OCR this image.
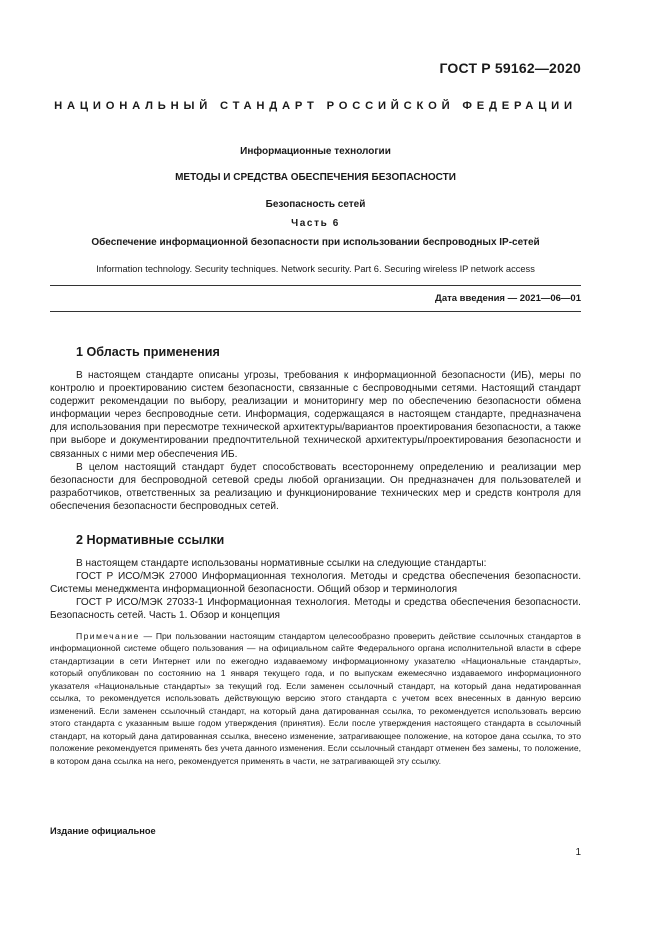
ГОСТ Р 59162—2020
НАЦИОНАЛЬНЫЙ СТАНДАРТ РОССИЙСКОЙ ФЕДЕРАЦИИ
Информационные технологии
МЕТОДЫ И СРЕДСТВА ОБЕСПЕЧЕНИЯ БЕЗОПАСНОСТИ
Безопасность сетей
Часть 6
Обеспечение информационной безопасности при использовании беспроводных IP-сетей
Information technology. Security techniques. Network security. Part 6. Securing wireless IP network access
Дата введения — 2021—06—01
1 Область применения

В настоящем стандарте описаны угрозы, требования к информационной безопасности (ИБ), меры по контролю и проектированию систем безопасности, связанные с беспроводными сетями. Настоящий стандарт содержит рекомендации по выбору, реализации и мониторингу мер по обеспечению безопасности обмена информации через беспроводные сети. Информация, содержащаяся в настоящем стандарте, предназначена для использования при пересмотре технической архитектуры/вариантов проектирования безопасности, а также при выборе и документировании предпочтительной технической архитектуры/проектирования безопасности и связанных с ними мер обеспечения ИБ.

В целом настоящий стандарт будет способствовать всестороннему определению и реализации мер безопасности для беспроводной сетевой среды любой организации. Он предназначен для пользователей и разработчиков, ответственных за реализацию и функционирование технических мер и средств контроля для обеспечения безопасности беспроводных сетей.

2 Нормативные ссылки

В настоящем стандарте использованы нормативные ссылки на следующие стандарты:

ГОСТ Р ИСО/МЭК 27000 Информационная технология. Методы и средства обеспечения безопасности. Системы менеджмента информационной безопасности. Общий обзор и терминология

ГОСТ Р ИСО/МЭК 27033-1 Информационная технология. Методы и средства обеспечения безопасности. Безопасность сетей. Часть 1. Обзор и концепция

Примечание — При пользовании настоящим стандартом целесообразно проверить действие ссылочных стандартов в информационной системе общего пользования — на официальном сайте Федерального органа исполнительной власти в сфере стандартизации в сети Интернет или по ежегодно издаваемому информационному указателю «Национальные стандарты», который опубликован по состоянию на 1 января текущего года, и по выпускам ежемесячно издаваемого информационного указателя «Национальные стандарты» за текущий год. Если заменен ссылочный стандарт, на который дана недатированная ссылка, то рекомендуется использовать действующую версию этого стандарта с учетом всех внесенных в данную версию изменений. Если заменен ссылочный стандарт, на который дана датированная ссылка, то рекомендуется использовать версию этого стандарта с указанным выше годом утверждения (принятия). Если после утверждения настоящего стандарта в ссылочный стандарт, на который дана датированная ссылка, внесено изменение, затрагивающее положение, на которое дана ссылка, то это положение рекомендуется применять без учета данного изменения. Если ссылочный стандарт отменен без замены, то положение, в котором дана ссылка на него, рекомендуется применять в части, не затрагивающей эту ссылку.

Издание официальное
1
